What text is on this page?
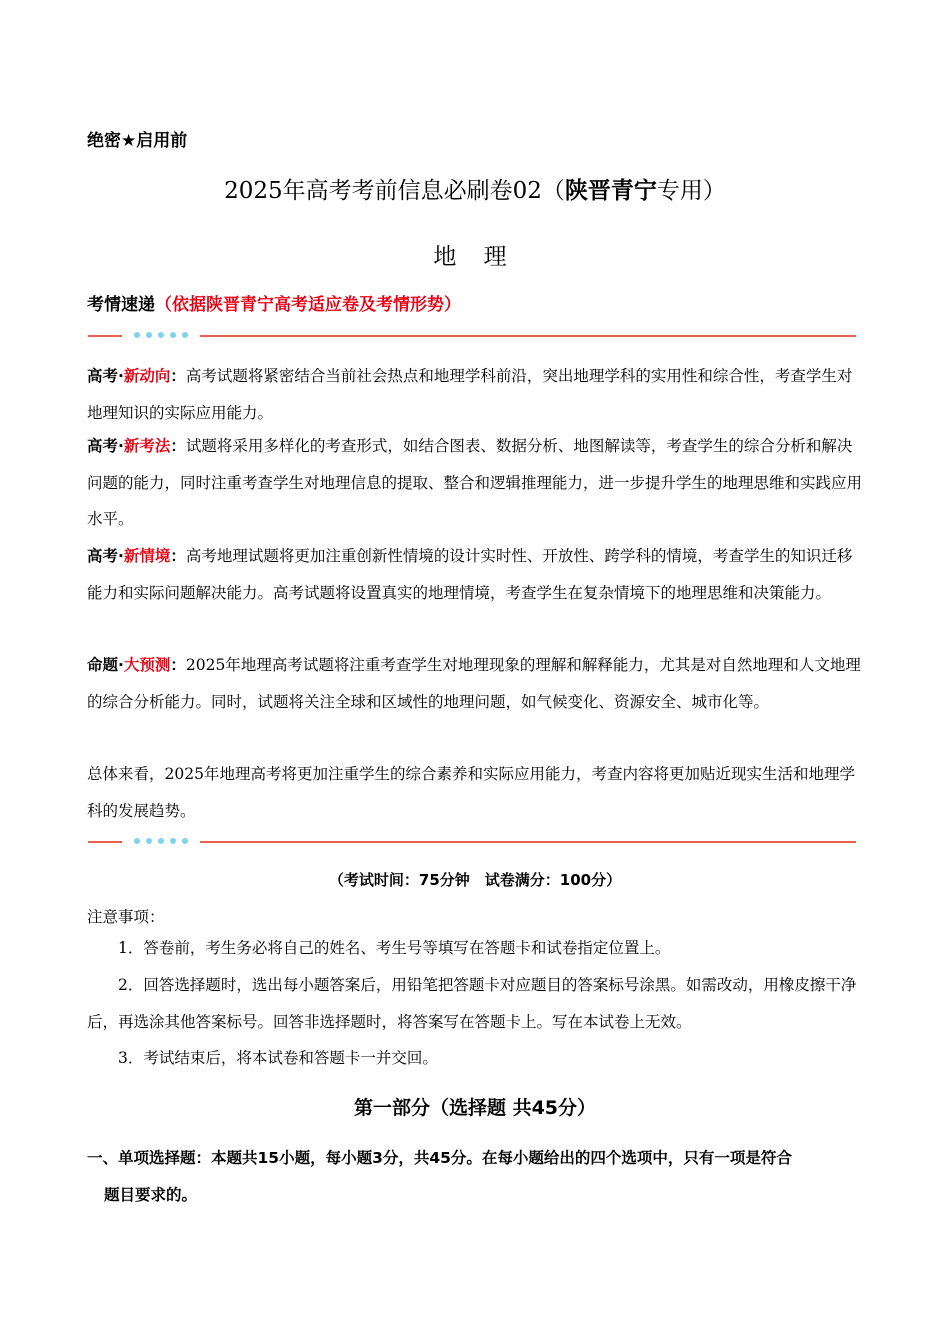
绝密★启用前
2025年高考考前信息必刷卷02（陕晋青宁专用）
地 理
考情速递（依据陕晋青宁高考适应卷及考情形势）
高考·新动向：高考试题将紧密结合当前社会热点和地理学科前沿，突出地理学科的实用性和综合性，考查学生对地理知识的实际应用能力。
高考·新考法：试题将采用多样化的考查形式，如结合图表、数据分析、地图解读等，考查学生的综合分析和解决问题的能力，同时注重考查学生对地理信息的提取、整合和逻辑推理能力，进一步提升学生的地理思维和实践应用水平。
高考·新情境：高考地理试题将更加注重创新性情境的设计实时性、开放性、跨学科的情境，考查学生的知识迁移能力和实际问题解决能力。高考试题将设置真实的地理情境，考查学生在复杂情境下的地理思维和决策能力。
命题·大预测：2025年地理高考试题将注重考查学生对地理现象的理解和解释能力，尤其是对自然地理和人文地理的综合分析能力。同时，试题将关注全球和区域性的地理问题，如气候变化、资源安全、城市化等。
总体来看，2025年地理高考将更加注重学生的综合素养和实际应用能力，考查内容将更加贴近现实生活和地理学科的发展趋势。
（考试时间：75分钟　试卷满分：100分）
注意事项：
1．答卷前，考生务必将自己的姓名、考生号等填写在答题卡和试卷指定位置上。
2．回答选择题时，选出每小题答案后，用铅笔把答题卡对应题目的答案标号涂黑。如需改动，用橡皮擦干净后，再选涂其他答案标号。回答非选择题时，将答案写在答题卡上。写在本试卷上无效。
3．考试结束后，将本试卷和答题卡一并交回。
第一部分（选择题 共45分）
一、单项选择题：本题共15小题，每小题3分，共45分。在每小题给出的四个选项中，只有一项是符合
题目要求的。
